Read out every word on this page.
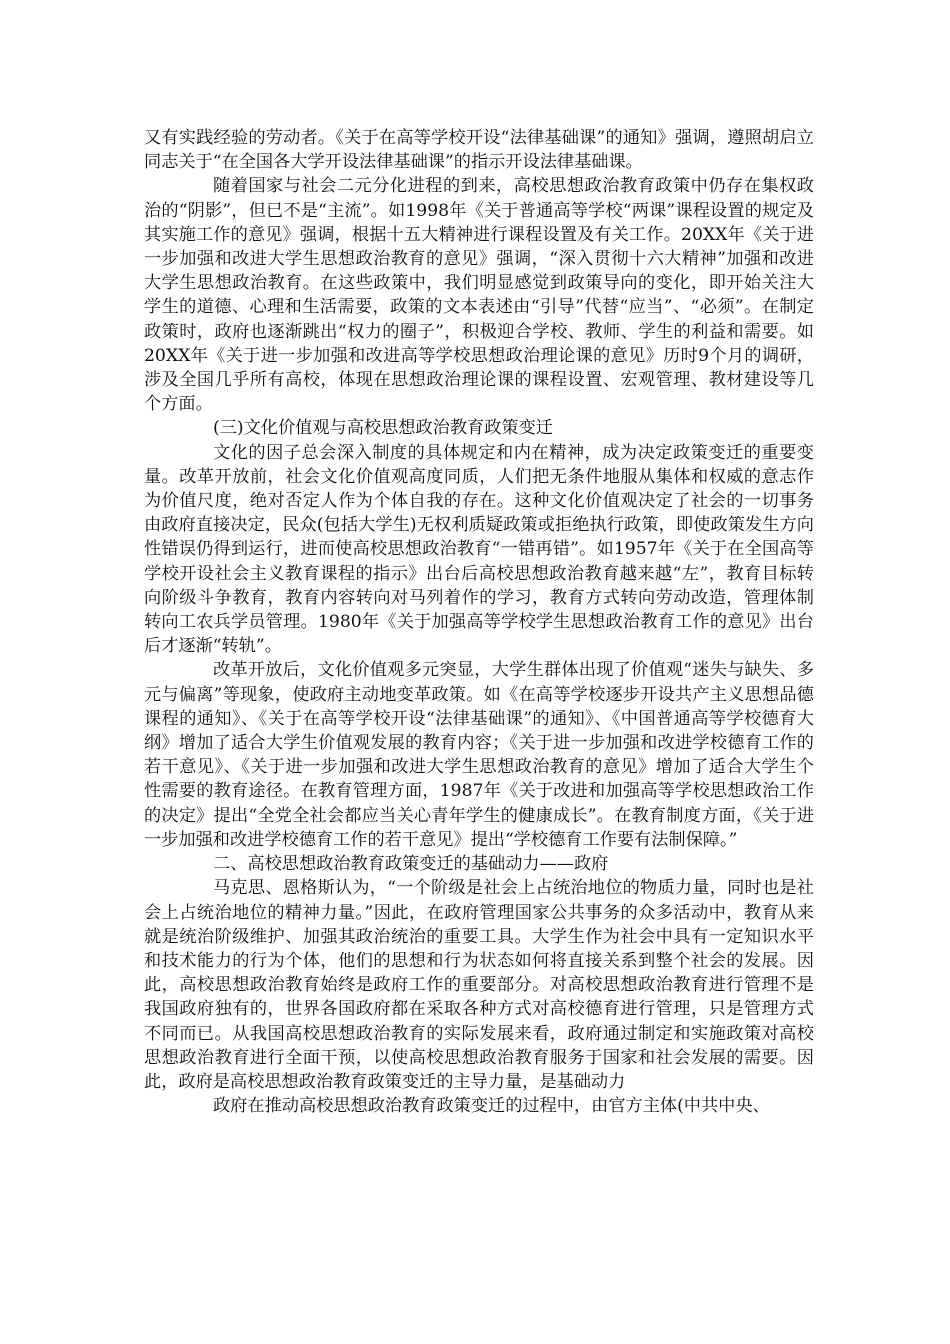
又有实践经验的劳动者。《关于在高等学校开设“法律基础课”的通知》强调，遵照胡启立同志关于“在全国各大学开设法律基础课”的指示开设法律基础课。

随着国家与社会二元分化进程的到来，高校思想政治教育政策中仍存在集权政治的“阴影”，但已不是“主流”。如1998年《关于普通高等学校“两课”课程设置的规定及其实施工作的意见》强调，根据十五大精神进行课程设置及有关工作。20XX年《关于进一步加强和改进大学生思想政治教育的意见》强调，“深入贯彻十六大精神”加强和改进大学生思想政治教育。在这些政策中，我们明显感觉到政策导向的变化，即开始关注大学生的道德、心理和生活需要，政策的文本表述由“引导”代替“应当”、“必须”。在制定政策时，政府也逐渐跳出“权力的圈子”，积极迎合学校、教师、学生的利益和需要。如20XX年《关于进一步加强和改进高等学校思想政治理论课的意见》历时9个月的调研，涉及全国几乎所有高校，体现在思想政治理论课的课程设置、宏观管理、教材建设等几个方面。

(三)文化价值观与高校思想政治教育政策变迁

文化的因子总会深入制度的具体规定和内在精神，成为决定政策变迁的重要变量。改革开放前，社会文化价值观高度同质，人们把无条件地服从集体和权威的意志作为价值尺度，绝对否定人作为个体自我的存在。这种文化价值观决定了社会的一切事务由政府直接决定，民众(包括大学生)无权利质疑政策或拒绝执行政策，即使政策发生方向性错误仍得到运行，进而使高校思想政治教育“一错再错”。如1957年《关于在全国高等学校开设社会主义教育课程的指示》出台后高校思想政治教育越来越“左”，教育目标转向阶级斗争教育，教育内容转向对马列着作的学习，教育方式转向劳动改造，管理体制转向工农兵学员管理。1980年《关于加强高等学校学生思想政治教育工作的意见》出台后才逐渐“转轨”。

改革开放后，文化价值观多元突显，大学生群体出现了价值观“迷失与缺失、多元与偏离”等现象，使政府主动地变革政策。如《在高等学校逐步开设共产主义思想品德课程的通知》、《关于在高等学校开设“法律基础课”的通知》、《中国普通高等学校德育大纲》增加了适合大学生价值观发展的教育内容；《关于进一步加强和改进学校德育工作的若干意见》、《关于进一步加强和改进大学生思想政治教育的意见》增加了适合大学生个性需要的教育途径。在教育管理方面，1987年《关于改进和加强高等学校思想政治工作的决定》提出“全党全社会都应当关心青年学生的健康成长”。在教育制度方面，《关于进一步加强和改进学校德育工作的若干意见》提出“学校德育工作要有法制保障。”

二、高校思想政治教育政策变迁的基础动力——政府

马克思、恩格斯认为，“一个阶级是社会上占统治地位的物质力量，同时也是社会上占统治地位的精神力量。”因此，在政府管理国家公共事务的众多活动中，教育从来就是统治阶级维护、加强其政治统治的重要工具。大学生作为社会中具有一定知识水平和技术能力的行为个体，他们的思想和行为状态如何将直接关系到整个社会的发展。因此，高校思想政治教育始终是政府工作的重要部分。对高校思想政治教育进行管理不是我国政府独有的，世界各国政府都在采取各种方式对高校德育进行管理，只是管理方式不同而已。从我国高校思想政治教育的实际发展来看，政府通过制定和实施政策对高校思想政治教育进行全面干预，以使高校思想政治教育服务于国家和社会发展的需要。因此，政府是高校思想政治教育政策变迁的主导力量，是基础动力

政府在推动高校思想政治教育政策变迁的过程中，由官方主体(中共中央、
